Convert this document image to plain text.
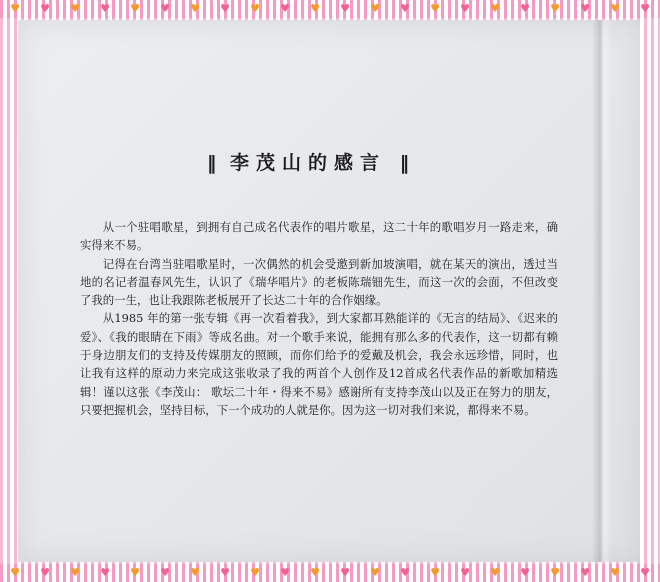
♥ ♥ ♥ ♥ ♥ ♥ ♥ ♥ ♥ ♥ ♥ ♥ ♥ ♥ ♥ ♥ ♥ ♥ ♥ ♥ ♥ ♥
♥ ♥ ♥ ♥ ♥ ♥ ♥ ♥ ♥ ♥ ♥ ♥ ♥ ♥ ♥ ♥ ♥ ♥ ♥ ♥ ♥ ♥
‖ 李茂山的感言 ‖

从一个驻唱歌星，到拥有自己成名代表作的唱片歌星，这二十年的歌唱岁月一路走来，确实得来不易。

记得在台湾当驻唱歌星时，一次偶然的机会受邀到新加坡演唱，就在某天的演出，透过当地的名记者温春风先生，认识了《瑞华唱片》的老板陈瑞钿先生，而这一次的会面，不但改变了我的一生，也让我跟陈老板展开了长达二十年的合作姻缘。

从1985 年的第一张专辑《再一次看着我》，到大家都耳熟能详的《无言的结局》、《迟来的爱》、《我的眼睛在下雨》等成名曲。对一个歌手来说，能拥有那么多的代表作，这一切都有赖于身边朋友们的支持及传媒朋友的照顾，而你们给予的爱戴及机会，我会永远珍惜，同时，也让我有这样的原动力来完成这张收录了我的两首个人创作及12首成名代表作品的新歌加精选辑！谨以这张《李茂山： 歌坛二十年・得来不易》感谢所有支持李茂山以及正在努力的朋友，只要把握机会，坚持目标，下一个成功的人就是你。因为这一切对我们来说，都得来不易。
